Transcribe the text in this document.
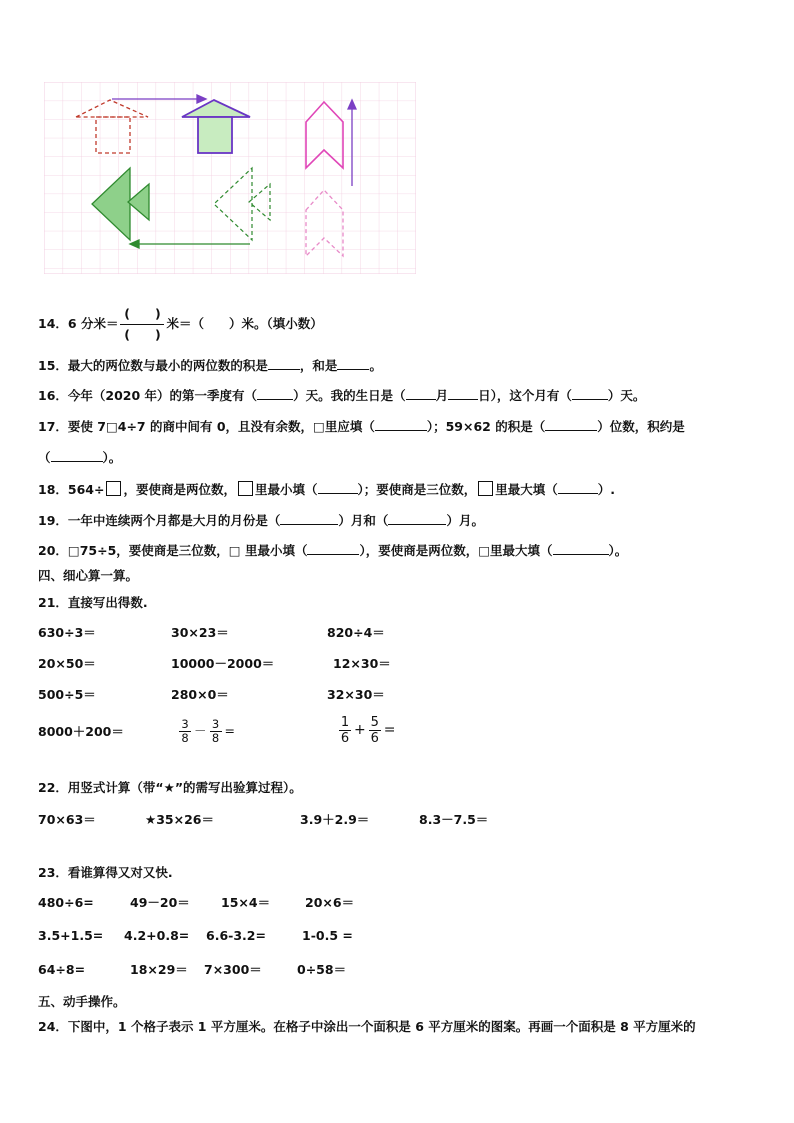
14．6 分米＝
(　　)
(　　)
米＝（　　）米。（填小数）
15．最大的两位数与最小的两位数的积是	，和是	。
16．今年（2020 年）的第一季度有（	）天。我的生日是（ 月 日），这个月有（	）天。
17．要使 7□4÷7 的商中间有 0，且没有余数，□里应填（	）；59×62 的积是（	）位数，积约是
（	）。
18．564÷ ，要使商是两位数， 里最小填（	）；要使商是三位数， 里最大填（	）.
19．一年中连续两个月都是大月的月份是（	）月和（	）月。
20．□75÷5，要使商是三位数，□ 里最小填（	），要使商是两位数，□里最大填（	）。
四、细心算一算。
21．直接写出得数.
630÷3＝	30×23＝	820÷4＝
20×50＝	10000－2000＝	12×30＝
500÷5＝	280×0＝	32×30＝
8000＋200＝	$\frac{3}{8} - \frac{3}{8}$ =	$\frac{1}{6} + \frac{5}{6}$ =
22．用竖式计算（带“★”的需写出验算过程）。
70×63＝	★35×26＝	3.9＋2.9＝	8.3－7.5＝
23．看谁算得又对又快.
480÷6=	49－20＝ 15×4＝	20×6＝
3.5+1.5= 4.2+0.8= 6.6-3.2=	1-0.5 =
64÷8=	18×29＝ 7×300＝	0÷58＝
五、动手操作。
24．下图中，1 个格子表示 1 平方厘米。在格子中涂出一个面积是 6 平方厘米的图案。再画一个面积是 8 平方厘米的
